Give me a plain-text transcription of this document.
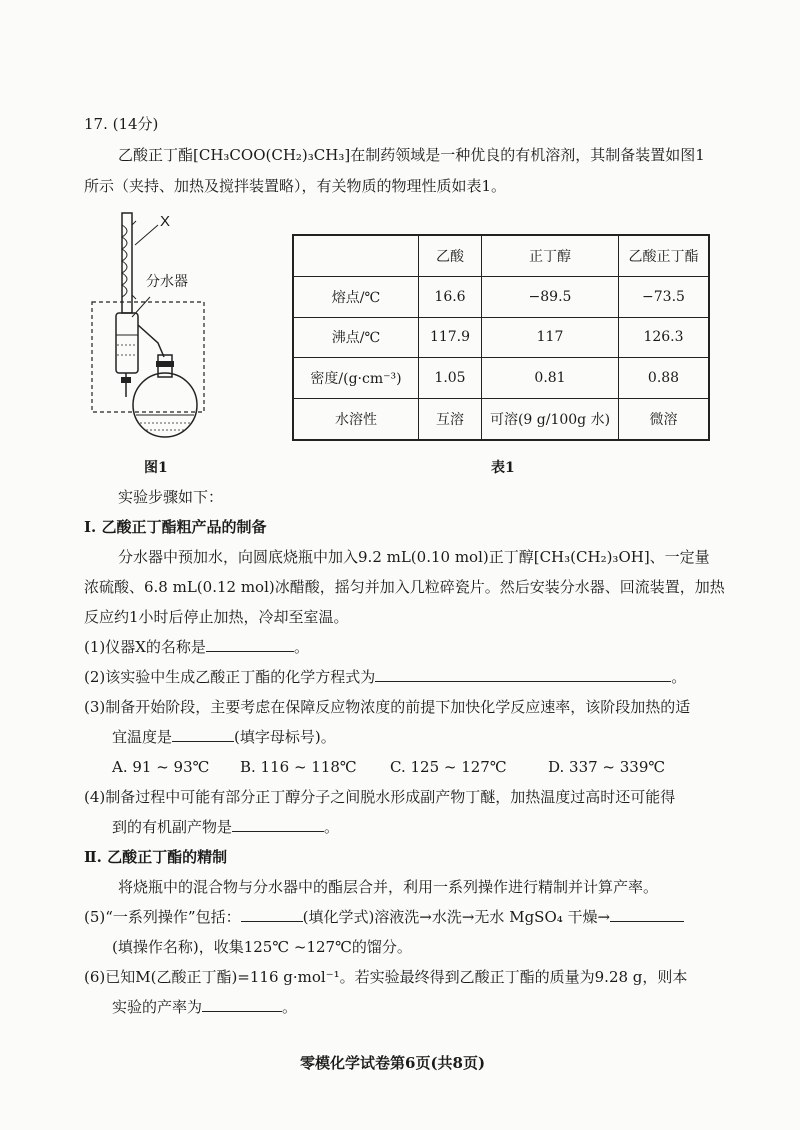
17. (14分)
乙酸正丁酯[CH₃COO(CH₂)₃CH₃]在制药领域是一种优良的有机溶剂，其制备装置如图1
所示（夹持、加热及搅拌装置略），有关物质的物理性质如表1。
X
分水器
图1
	乙酸	正丁醇	乙酸正丁酯
熔点/℃	16.6	−89.5	−73.5
沸点/℃	117.9	117	126.3
密度/(g·cm⁻³)	1.05	0.81	0.88
水溶性	互溶	可溶(9 g/100g 水)	微溶
表1
实验步骤如下：
Ⅰ. 乙酸正丁酯粗产品的制备
分水器中预加水，向圆底烧瓶中加入9.2 mL(0.10 mol)正丁醇[CH₃(CH₂)₃OH]、一定量
浓硫酸、6.8 mL(0.12 mol)冰醋酸，摇匀并加入几粒碎瓷片。然后安装分水器、回流装置，加热
反应约1小时后停止加热，冷却至室温。
(1)仪器X的名称是	。
(2)该实验中生成乙酸正丁酯的化学方程式为	。
(3)制备开始阶段，主要考虑在保障反应物浓度的前提下加快化学反应速率，该阶段加热的适
宜温度是	(填字母标号)。
A. 91 ~ 93℃ B. 116 ~ 118℃ C. 125 ~ 127℃	D. 337 ~ 339℃
(4)制备过程中可能有部分正丁醇分子之间脱水形成副产物丁醚，加热温度过高时还可能得
到的有机副产物是	。
Ⅱ. 乙酸正丁酯的精制
将烧瓶中的混合物与分水器中的酯层合并，利用一系列操作进行精制并计算产率。
(5)“一系列操作”包括：	(填化学式)溶液洗→水洗→无水 MgSO₄ 干燥→
(填操作名称)，收集125℃ ~127℃的馏分。
(6)已知M(乙酸正丁酯)=116 g·mol⁻¹。若实验最终得到乙酸正丁酯的质量为9.28 g，则本
实验的产率为	。
零模化学试卷第6页(共8页)
